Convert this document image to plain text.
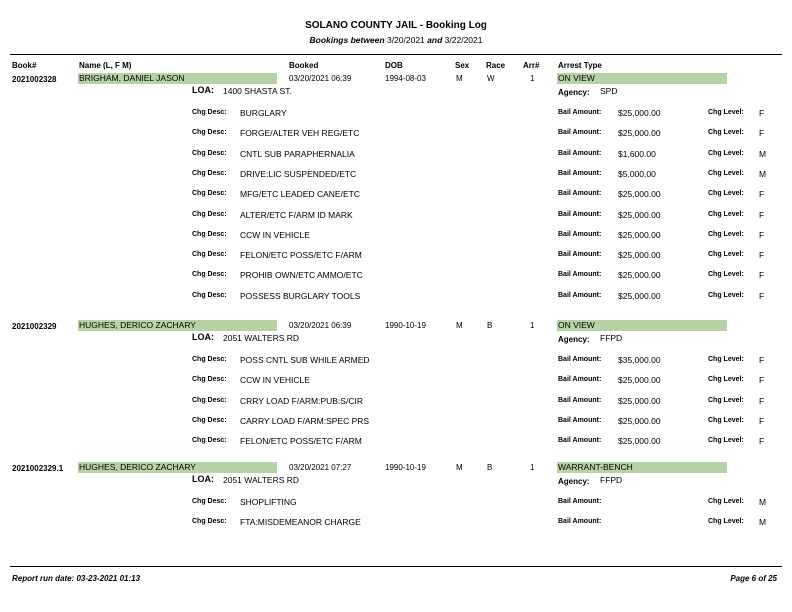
SOLANO COUNTY JAIL - Booking Log
Bookings between 3/20/2021 and 3/22/2021
Book#	Name (L, F M)	Booked	DOB	Sex Race Arr# Arrest Type
2021002328	BRIGHAM, DANIEL JASON	03/20/2021 06:39	1994-08-03	M	W	1	ON VIEW
LOA: 1400 SHASTA ST.	Agency: SPD
Chg Desc: BURGLARY	Bail Amount: $25,000.00	Chg Level: F
Chg Desc: FORGE/ALTER VEH REG/ETC	Bail Amount: $25,000.00	Chg Level: F
Chg Desc: CNTL SUB PARAPHERNALIA	Bail Amount: $1,600.00	Chg Level: M
Chg Desc: DRIVE:LIC SUSPENDED/ETC	Bail Amount: $5,000.00	Chg Level: M
Chg Desc: MFG/ETC LEADED CANE/ETC	Bail Amount: $25,000.00	Chg Level: F
Chg Desc: ALTER/ETC F/ARM ID MARK	Bail Amount: $25,000.00	Chg Level: F
Chg Desc: CCW IN VEHICLE	Bail Amount: $25,000.00	Chg Level: F
Chg Desc: FELON/ETC POSS/ETC F/ARM	Bail Amount: $25,000.00	Chg Level: F
Chg Desc: PROHIB OWN/ETC AMMO/ETC	Bail Amount: $25,000.00	Chg Level: F
Chg Desc: POSSESS BURGLARY TOOLS	Bail Amount: $25,000.00	Chg Level: F
2021002329	HUGHES, DERICO ZACHARY	03/20/2021 06:39	1990-10-19	M	B	1	ON VIEW
LOA: 2051 WALTERS RD	Agency: FFPD
Chg Desc: POSS CNTL SUB WHILE ARMED	Bail Amount: $35,000.00	Chg Level: F
Chg Desc: CCW IN VEHICLE	Bail Amount: $25,000.00	Chg Level: F
Chg Desc: CRRY LOAD F/ARM:PUB:S/CIR	Bail Amount: $25,000.00	Chg Level: F
Chg Desc: CARRY LOAD F/ARM:SPEC PRS	Bail Amount: $25,000.00	Chg Level: F
Chg Desc: FELON/ETC POSS/ETC F/ARM	Bail Amount: $25,000.00	Chg Level: F
2021002329.1 HUGHES, DERICO ZACHARY	03/20/2021 07:27	1990-10-19	M	B	1	WARRANT-BENCH
LOA: 2051 WALTERS RD	Agency: FFPD
Chg Desc: SHOPLIFTING	Bail Amount:	Chg Level: M
Chg Desc: FTA:MISDEMEANOR CHARGE	Bail Amount:	Chg Level: M
Report run date: 03-23-2021 01:13	Page 6 of 25
